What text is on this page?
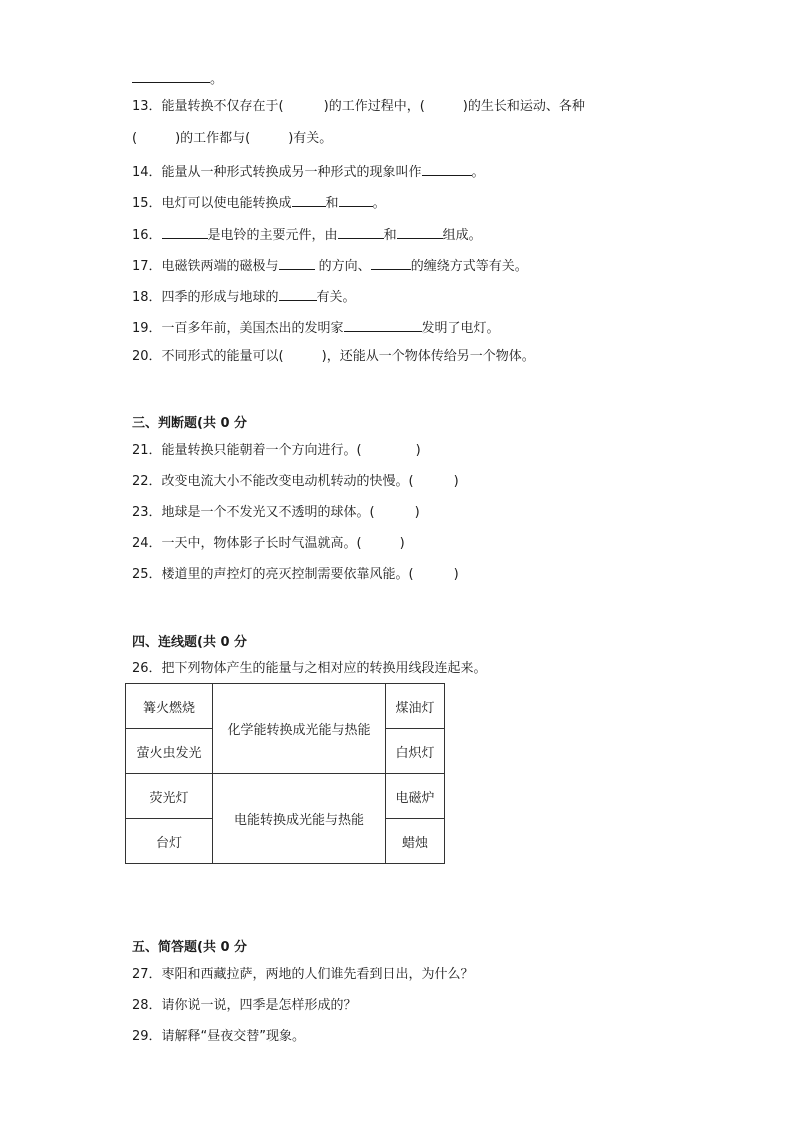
。
13．能量转换不仅存在于(	)的工作过程中，(	)的生长和运动、各种
(	)的工作都与(	)有关。
14．能量从一种形式转换成另一种形式的现象叫作	。
15．电灯可以使电能转换成	和	。
16．	是电铃的主要元件，由	和	组成。
17．电磁铁两端的磁极与	的方向、	的缠绕方式等有关。
18．四季的形成与地球的	有关。
19．一百多年前，美国杰出的发明家	发明了电灯。
20．不同形式的能量可以(	)，还能从一个物体传给另一个物体。
三、判断题(共 0 分
21．能量转换只能朝着一个方向进行。(	)
22．改变电流大小不能改变电动机转动的快慢。(	)
23．地球是一个不发光又不透明的球体。(	)
24．一天中，物体影子长时气温就高。(	)
25．楼道里的声控灯的亮灭控制需要依靠风能。(	)
四、连线题(共 0 分
26．把下列物体产生的能量与之相对应的转换用线段连起来。
篝火燃烧	化学能转换成光能与热能	煤油灯
萤火虫发光		白炽灯
荧光灯	电能转换成光能与热能	电磁炉
台灯		蜡烛
五、简答题(共 0 分
27．枣阳和西藏拉萨，两地的人们谁先看到日出，为什么？
28．请你说一说，四季是怎样形成的？
29．请解释“昼夜交替”现象。
